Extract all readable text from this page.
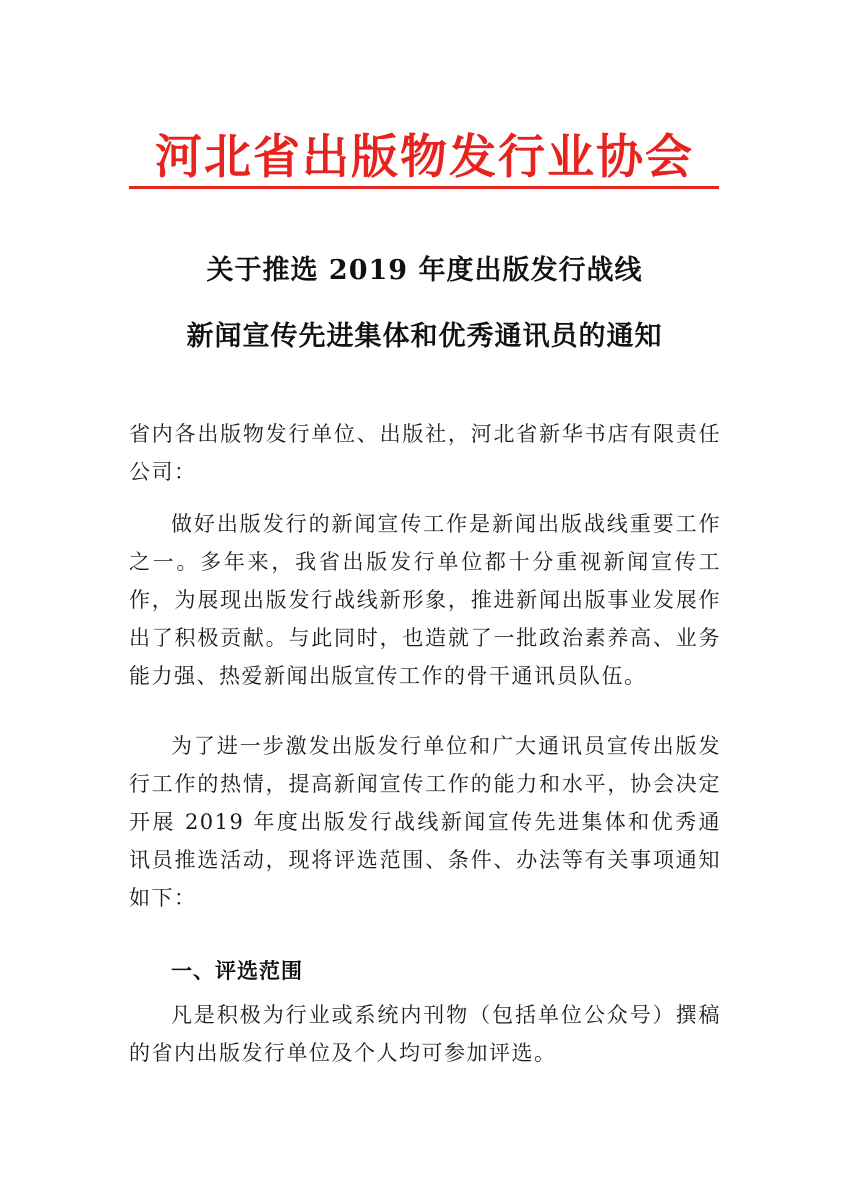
河北省出版物发行业协会
关于推选 2019 年度出版发行战线
新闻宣传先进集体和优秀通讯员的通知
省内各出版物发行单位、出版社，河北省新华书店有限责任公司：
做好出版发行的新闻宣传工作是新闻出版战线重要工作之一。多年来，我省出版发行单位都十分重视新闻宣传工作，为展现出版发行战线新形象，推进新闻出版事业发展作出了积极贡献。与此同时，也造就了一批政治素养高、业务能力强、热爱新闻出版宣传工作的骨干通讯员队伍。
为了进一步激发出版发行单位和广大通讯员宣传出版发行工作的热情，提高新闻宣传工作的能力和水平，协会决定开展 2019 年度出版发行战线新闻宣传先进集体和优秀通讯员推选活动，现将评选范围、条件、办法等有关事项通知如下：
一、评选范围
凡是积极为行业或系统内刊物（包括单位公众号）撰稿的省内出版发行单位及个人均可参加评选。
